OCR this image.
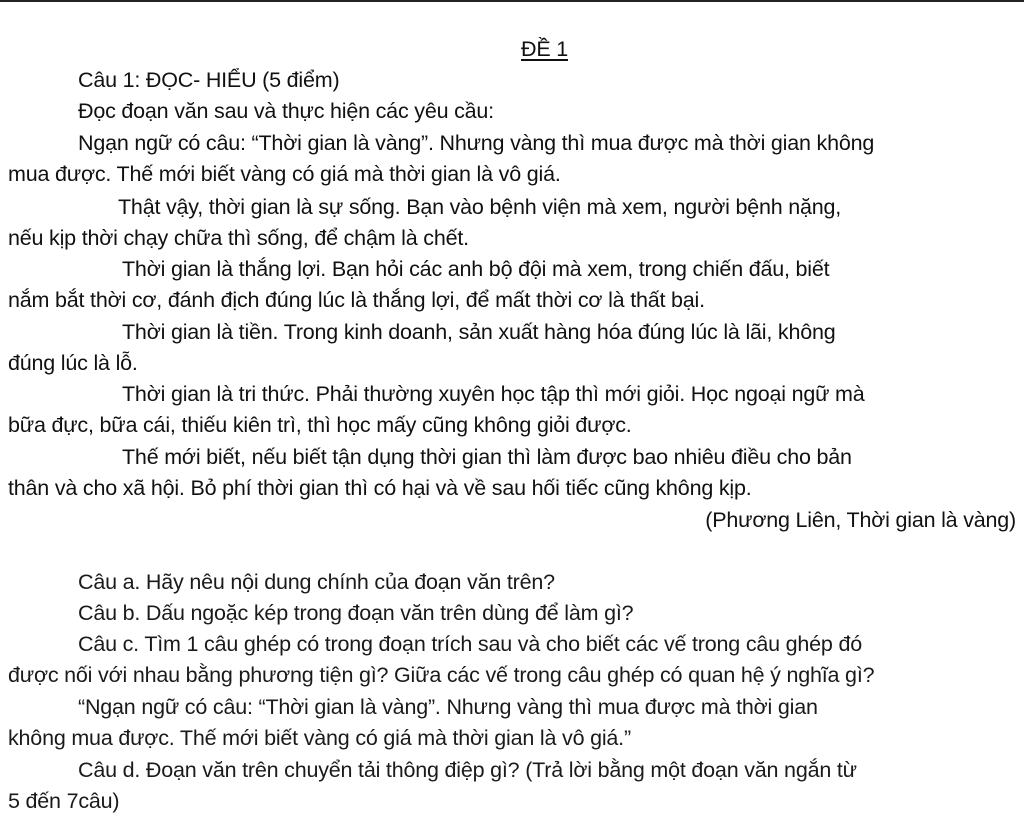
ĐỀ 1
Câu 1: ĐỌC- HIỂU (5 điểm)
Đọc đoạn văn sau và thực hiện các yêu cầu:
Ngạn ngữ có câu: “Thời gian là vàng”. Nhưng vàng thì mua được mà thời gian không
mua được. Thế mới biết vàng có giá mà thời gian là vô giá.
Thật vậy, thời gian là sự sống. Bạn vào bệnh viện mà xem, người bệnh nặng,
nếu kịp thời chạy chữa thì sống, để chậm là chết.
Thời gian là thắng lợi. Bạn hỏi các anh bộ đội mà xem, trong chiến đấu, biết
nắm bắt thời cơ, đánh địch đúng lúc là thắng lợi, để mất thời cơ là thất bại.
Thời gian là tiền. Trong kinh doanh, sản xuất hàng hóa đúng lúc là lãi, không
đúng lúc là lỗ.
Thời gian là tri thức. Phải thường xuyên học tập thì mới giỏi. Học ngoại ngữ mà
bữa đực, bữa cái, thiếu kiên trì, thì học mấy cũng không giỏi được.
Thế mới biết, nếu biết tận dụng thời gian thì làm được bao nhiêu điều cho bản
thân và cho xã hội. Bỏ phí thời gian thì có hại và về sau hối tiếc cũng không kịp.
(Phương Liên, Thời gian là vàng)
Câu a. Hãy nêu nội dung chính của đoạn văn trên?
Câu b. Dấu ngoặc kép trong đoạn văn trên dùng để làm gì?
Câu c. Tìm 1 câu ghép có trong đoạn trích sau và cho biết các vế trong câu ghép đó
được nối với nhau bằng phương tiện gì? Giữa các vế trong câu ghép có quan hệ ý nghĩa gì?
“Ngạn ngữ có câu: “Thời gian là vàng”. Nhưng vàng thì mua được mà thời gian
không mua được. Thế mới biết vàng có giá mà thời gian là vô giá.”
Câu d. Đoạn văn trên chuyển tải thông điệp gì? (Trả lời bằng một đoạn văn ngắn từ
5 đến 7câu)
